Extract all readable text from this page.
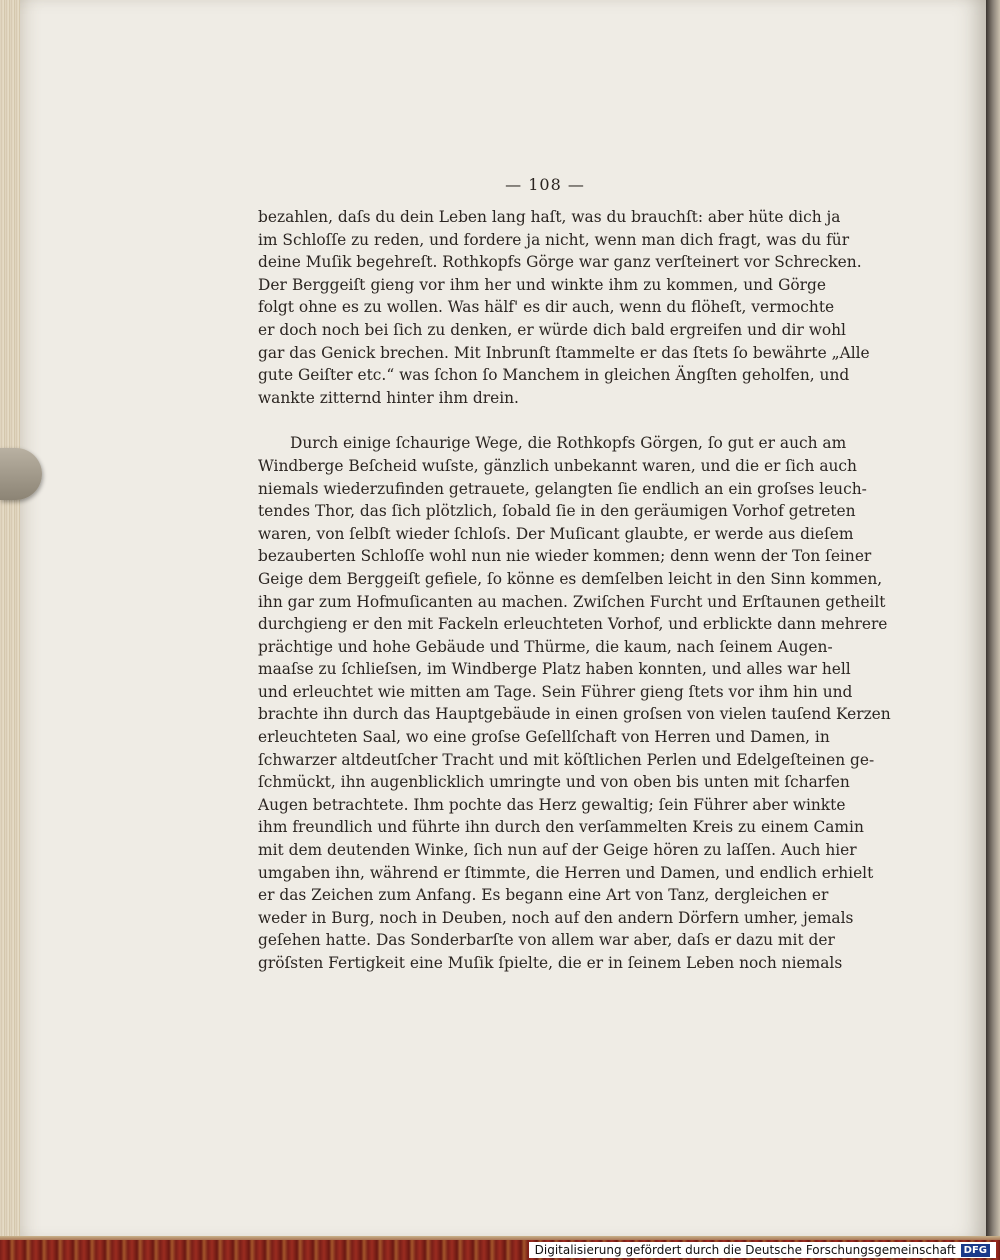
— 108 —
bezahlen, daſs du dein Leben lang haſt, was du brauchſt: aber hüte dich ja
im Schloſſe zu reden, und fordere ja nicht, wenn man dich fragt, was du für
deine Muſik begehreſt. Rothkopfs Görge war ganz verſteinert vor Schrecken.
Der Berggeiſt gieng vor ihm her und winkte ihm zu kommen, und Görge
folgt ohne es zu wollen. Was hälf' es dir auch, wenn du flöheſt, vermochte
er doch noch bei ſich zu denken, er würde dich bald ergreifen und dir wohl
gar das Genick brechen. Mit Inbrunſt ſtammelte er das ſtets ſo bewährte „Alle
gute Geiſter etc.“ was ſchon ſo Manchem in gleichen Ängſten geholfen, und
wankte zitternd hinter ihm drein.
Durch einige ſchaurige Wege, die Rothkopfs Görgen, ſo gut er auch am
Windberge Beſcheid wuſste, gänzlich unbekannt waren, und die er ſich auch
niemals wiederzufinden getrauete, gelangten ſie endlich an ein groſses leuch-
tendes Thor, das ſich plötzlich, ſobald ſie in den geräumigen Vorhof getreten
waren, von ſelbſt wieder ſchloſs. Der Muſicant glaubte, er werde aus dieſem
bezauberten Schloſſe wohl nun nie wieder kommen; denn wenn der Ton ſeiner
Geige dem Berggeiſt gefiele, ſo könne es demſelben leicht in den Sinn kommen,
ihn gar zum Hofmuſicanten au machen. Zwiſchen Furcht und Erſtaunen getheilt
durchgieng er den mit Fackeln erleuchteten Vorhof, und erblickte dann mehrere
prächtige und hohe Gebäude und Thürme, die kaum, nach ſeinem Augen-
maaſse zu ſchlieſsen, im Windberge Platz haben konnten, und alles war hell
und erleuchtet wie mitten am Tage. Sein Führer gieng ſtets vor ihm hin und
brachte ihn durch das Hauptgebäude in einen groſsen von vielen tauſend Kerzen
erleuchteten Saal, wo eine groſse Geſellſchaft von Herren und Damen, in
ſchwarzer altdeutſcher Tracht und mit köſtlichen Perlen und Edelgeſteinen ge-
ſchmückt, ihn augenblicklich umringte und von oben bis unten mit ſcharfen
Augen betrachtete. Ihm pochte das Herz gewaltig; ſein Führer aber winkte
ihm freundlich und führte ihn durch den verſammelten Kreis zu einem Camin
mit dem deutenden Winke, ſich nun auf der Geige hören zu laſſen. Auch hier
umgaben ihn, während er ſtimmte, die Herren und Damen, und endlich erhielt
er das Zeichen zum Anfang. Es begann eine Art von Tanz, dergleichen er
weder in Burg, noch in Deuben, noch auf den andern Dörfern umher, jemals
geſehen hatte. Das Sonderbarſte von allem war aber, daſs er dazu mit der
gröſsten Fertigkeit eine Muſik ſpielte, die er in ſeinem Leben noch niemals
Digitalisierung gefördert durch die Deutsche Forschungsgemeinschaft DFG
